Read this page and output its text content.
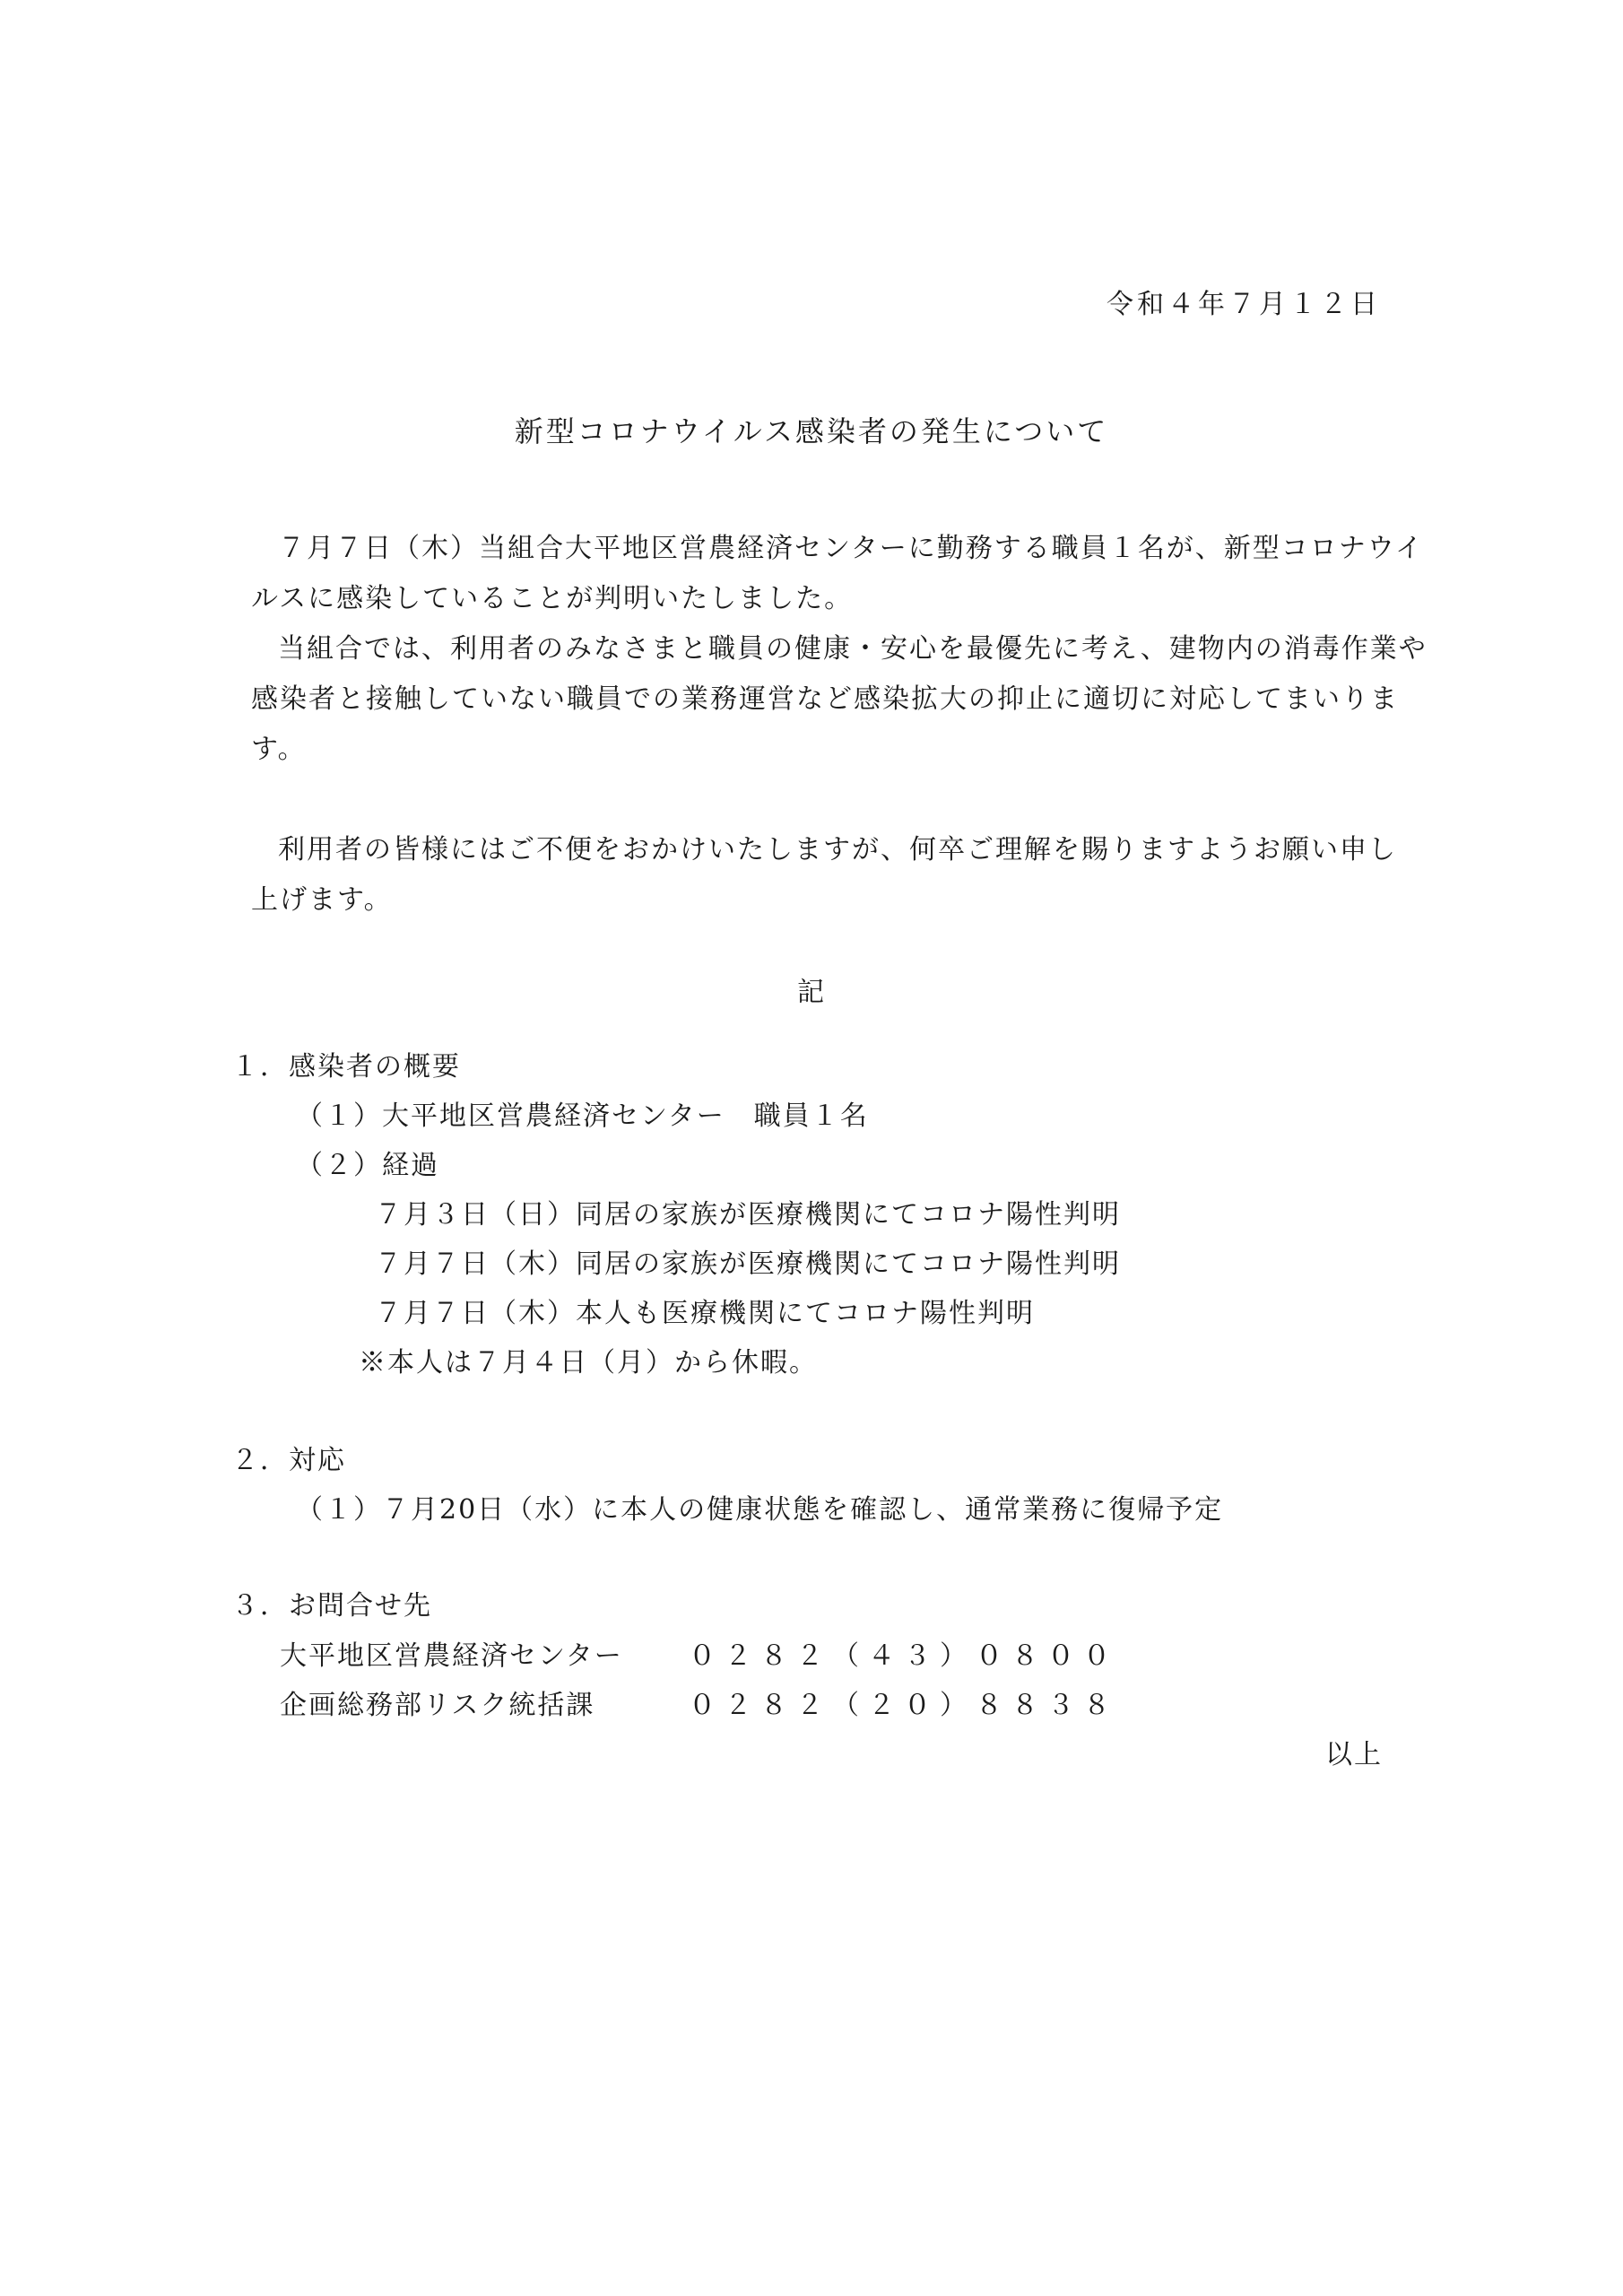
令和４年７月１２日
新型コロナウイルス感染者の発生について
７月７日（木）当組合大平地区営農経済センターに勤務する職員１名が、新型コロナウイ
ルスに感染していることが判明いたしました。
当組合では、利用者のみなさまと職員の健康・安心を最優先に考え、建物内の消毒作業や
感染者と接触していない職員での業務運営など感染拡大の抑止に適切に対応してまいりま
す。
利用者の皆様にはご不便をおかけいたしますが、何卒ご理解を賜りますようお願い申し
上げます。
記
１．感染者の概要
（１）大平地区営農経済センター　職員１名
（２）経過
７月３日（日）同居の家族が医療機関にてコロナ陽性判明
７月７日（木）同居の家族が医療機関にてコロナ陽性判明
７月７日（木）本人も医療機関にてコロナ陽性判明
※本人は７月４日（月）から休暇。
２．対応
（１）７月20日（水）に本人の健康状態を確認し、通常業務に復帰予定
３．お問合せ先
大平地区営農経済センター ０２８２（４３）０８００
企画総務部リスク統括課	０２８２（２０）８８３８
以上
